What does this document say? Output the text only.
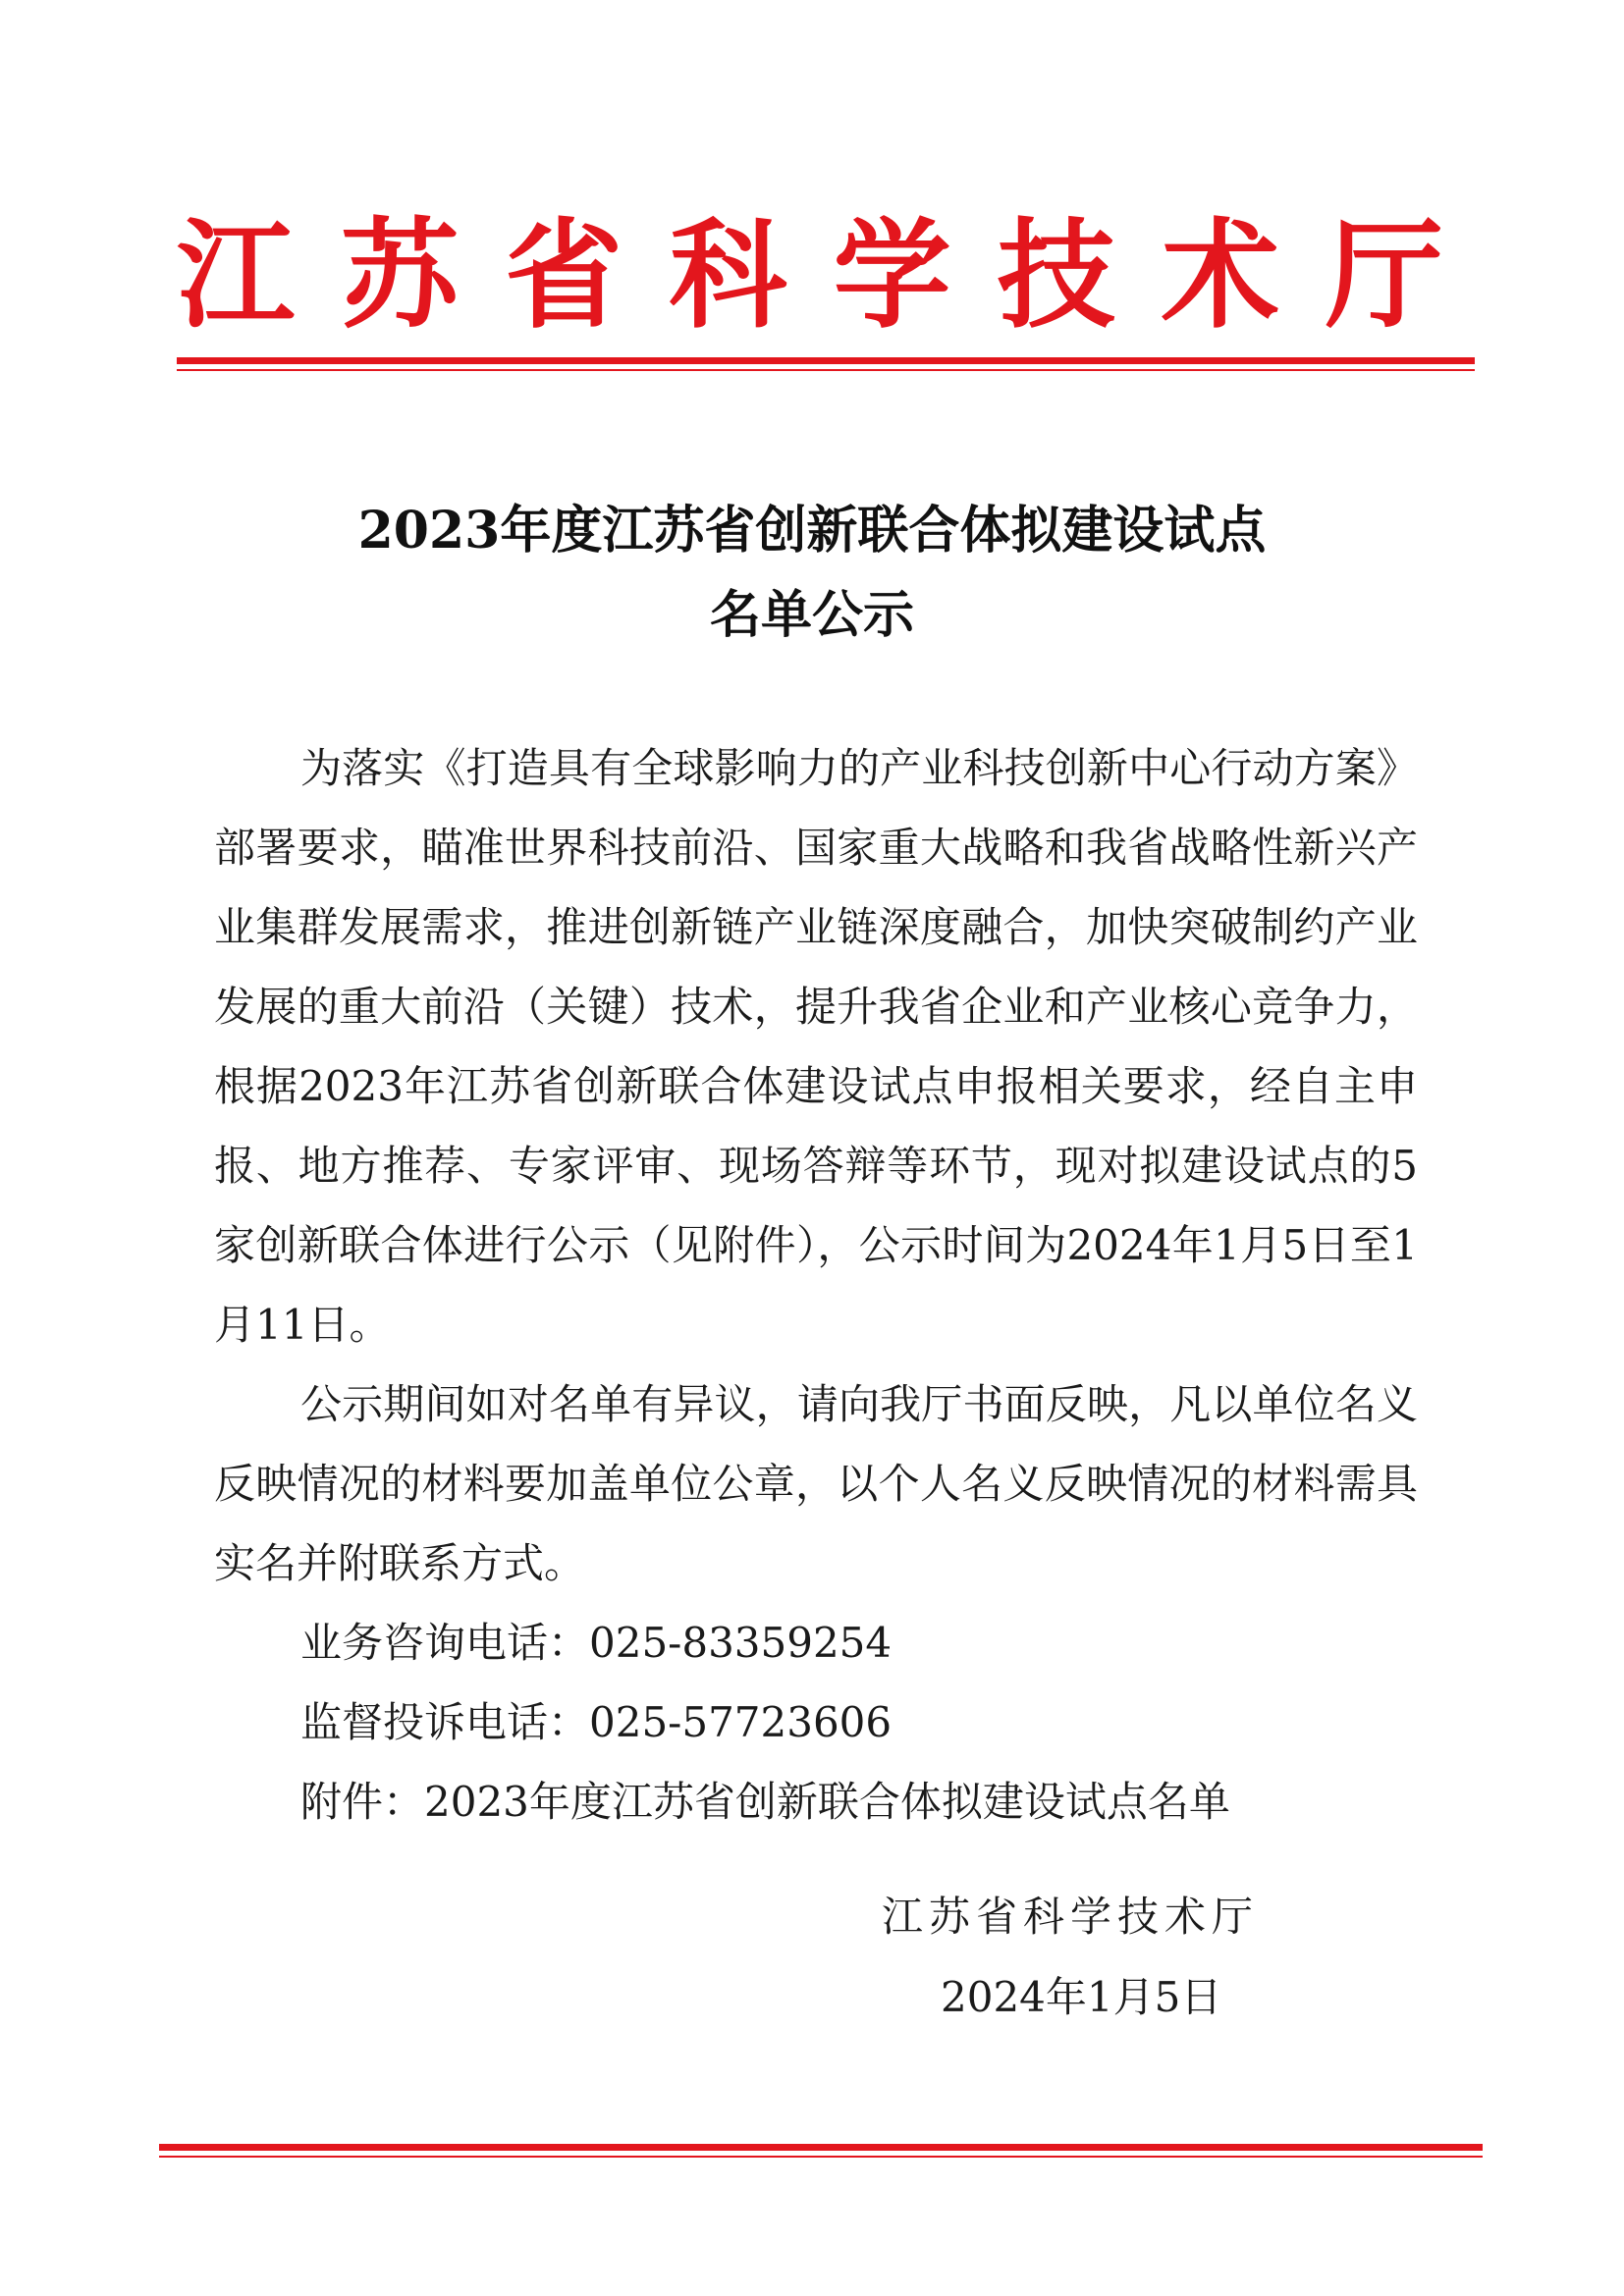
江 苏 省 科 学 技 术 厅
2023年度江苏省创新联合体拟建设试点
名单公示

为落实《打造具有全球影响力的产业科技创新中心行动方案》部署要求，瞄准世界科技前沿、国家重大战略和我省战略性新兴产业集群发展需求，推进创新链产业链深度融合，加快突破制约产业发展的重大前沿（关键）技术，提升我省企业和产业核心竞争力，根据2023年江苏省创新联合体建设试点申报相关要求，经自主申报、地方推荐、专家评审、现场答辩等环节，现对拟建设试点的5家创新联合体进行公示（见附件），公示时间为2024年1月5日至1月11日。

公示期间如对名单有异议，请向我厅书面反映，凡以单位名义反映情况的材料要加盖单位公章，以个人名义反映情况的材料需具实名并附联系方式。

业务咨询电话：025-83359254
监督投诉电话：025-57723606
附件：2023年度江苏省创新联合体拟建设试点名单
江苏省科学技术厅
2024年1月5日
